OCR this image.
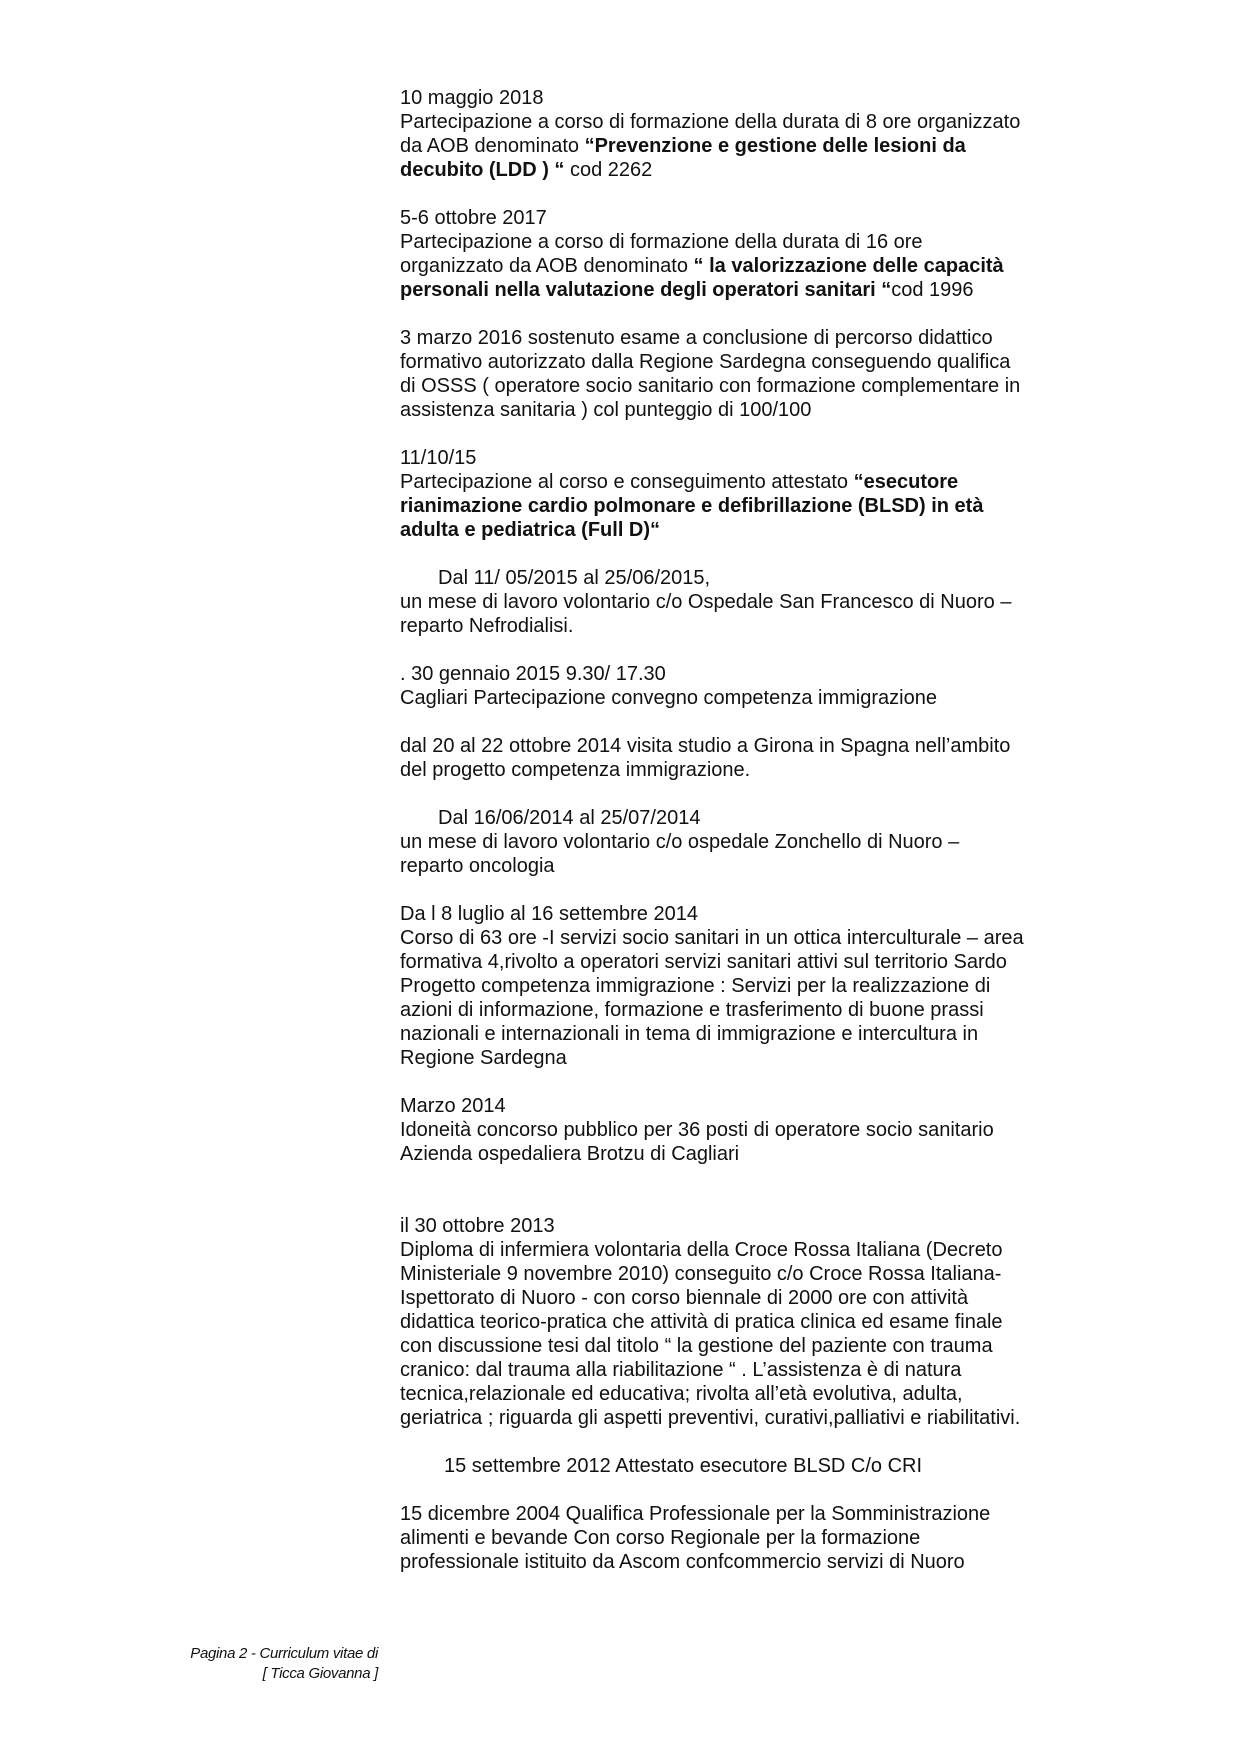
10 maggio 2018

Partecipazione a corso di formazione della durata di 8 ore organizzato

da AOB denominato “Prevenzione e gestione delle lesioni da

decubito (LDD ) “ cod 2262

5-6 ottobre 2017

Partecipazione a corso di formazione della durata di 16 ore

organizzato da AOB denominato “ la valorizzazione delle capacità

personali nella valutazione degli operatori sanitari “cod 1996

3 marzo 2016 sostenuto esame a conclusione di percorso didattico

formativo autorizzato dalla Regione Sardegna conseguendo qualifica

di OSSS ( operatore socio sanitario con formazione complementare in

assistenza sanitaria ) col punteggio di 100/100

11/10/15

Partecipazione al corso e conseguimento attestato “esecutore

rianimazione cardio polmonare e defibrillazione (BLSD) in età

adulta e pediatrica (Full D)“

Dal 11/ 05/2015 al 25/06/2015,

un mese di lavoro volontario c/o Ospedale San Francesco di Nuoro –

reparto Nefrodialisi.

. 30 gennaio 2015 9.30/ 17.30

Cagliari Partecipazione convegno competenza immigrazione

dal 20 al 22 ottobre 2014 visita studio a Girona in Spagna nell’ambito

del progetto competenza immigrazione.

Dal 16/06/2014 al 25/07/2014

un mese di lavoro volontario c/o ospedale Zonchello di Nuoro –

reparto oncologia

Da l 8 luglio al 16 settembre 2014

Corso di 63 ore -I servizi socio sanitari in un ottica interculturale – area

formativa 4,rivolto a operatori servizi sanitari attivi sul territorio Sardo

Progetto competenza immigrazione : Servizi per la realizzazione di

azioni di informazione, formazione e trasferimento di buone prassi

nazionali e internazionali in tema di immigrazione e intercultura in

Regione Sardegna

Marzo 2014

Idoneità concorso pubblico per 36 posti di operatore socio sanitario

Azienda ospedaliera Brotzu di Cagliari

il 30 ottobre 2013

Diploma di infermiera volontaria della Croce Rossa Italiana (Decreto

Ministeriale 9 novembre 2010) conseguito c/o Croce Rossa Italiana-

Ispettorato di Nuoro - con corso biennale di 2000 ore con attività

didattica teorico-pratica che attività di pratica clinica ed esame finale

con discussione tesi dal titolo “ la gestione del paziente con trauma

cranico: dal trauma alla riabilitazione “ . L’assistenza è di natura

tecnica,relazionale ed educativa; rivolta all’età evolutiva, adulta,

geriatrica ; riguarda gli aspetti preventivi, curativi,palliativi e riabilitativi.

15 settembre 2012 Attestato esecutore BLSD C/o CRI

15 dicembre 2004 Qualifica Professionale per la Somministrazione

alimenti e bevande Con corso Regionale per la formazione

professionale istituito da Ascom confcommercio servizi di Nuoro

Pagina 2 - Curriculum vitae di
[ Ticca Giovanna ]
